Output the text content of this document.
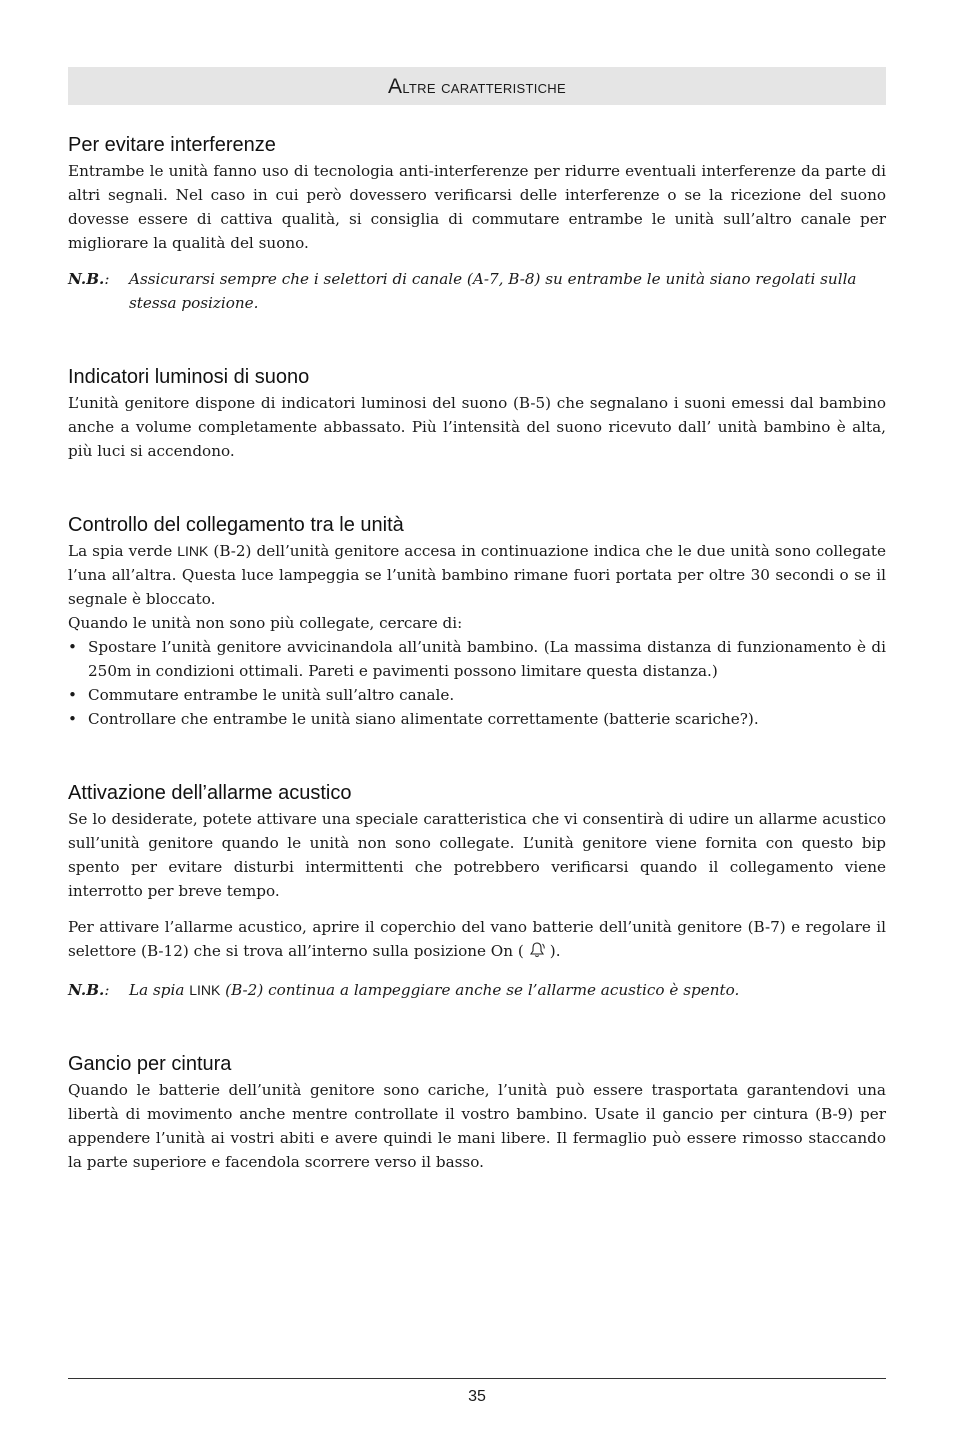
Altre caratteristiche
Per evitare interferenze

Entrambe le unità fanno uso di tecnologia anti-interferenze per ridurre eventuali interferenze da parte di altri segnali. Nel caso in cui però dovessero verificarsi delle interferenze o se la ricezione del suono dovesse essere di cattiva qualità, si consiglia di commutare entrambe le unità sull’altro canale per migliorare la qualità del suono.

N.B.:	Assicurarsi sempre che i selettori di canale (A-7, B-8) su entrambe le unità siano regolati sulla stessa posizione.
Indicatori luminosi di suono

L’unità genitore dispone di indicatori luminosi del suono (B-5) che segnalano i suoni emessi dal bambino anche a volume completamente abbassato. Più l’intensità del suono ricevuto dall’ unità bambino è alta, più luci si accendono.

Controllo del collegamento tra le unità

La spia verde LINK (B-2) dell’unità genitore accesa in continuazione indica che le due unità sono collegate l’una all’altra. Questa luce lampeggia se l’unità bambino rimane fuori portata per oltre 30 secondi o se il segnale è bloccato.

Quando le unità non sono più collegate, cercare di:

• Spostare l’unità genitore avvicinandola all’unità bambino. (La massima distanza di funzionamento è di 250m in condizioni ottimali. Pareti e pavimenti possono limitare questa distanza.)
• Commutare entrambe le unità sull’altro canale.
• Controllare che entrambe le unità siano alimentate correttamente (batterie scariche?).
Attivazione dell’allarme acustico

Se lo desiderate, potete attivare una speciale caratteristica che vi consentirà di udire un allarme acustico sull’unità genitore quando le unità non sono collegate. L’unità genitore viene fornita con questo bip spento per evitare disturbi intermittenti che potrebbero verificarsi quando il collegamento viene interrotto per breve tempo.

Per attivare l’allarme acustico, aprire il coperchio del vano batterie dell’unità genitore (B-7) e regolare il selettore (B-12) che si trova all’interno sulla posizione On ( ).

N.B.:	La spia LINK (B-2) continua a lampeggiare anche se l’allarme acustico è spento.
Gancio per cintura

Quando le batterie dell’unità genitore sono cariche, l’unità può essere trasportata garantendovi una libertà di movimento anche mentre controllate il vostro bambino. Usate il gancio per cintura (B-9) per appendere l’unità ai vostri abiti e avere quindi le mani libere. Il fermaglio può essere rimosso staccando la parte superiore e facendola scorrere verso il basso.

35
